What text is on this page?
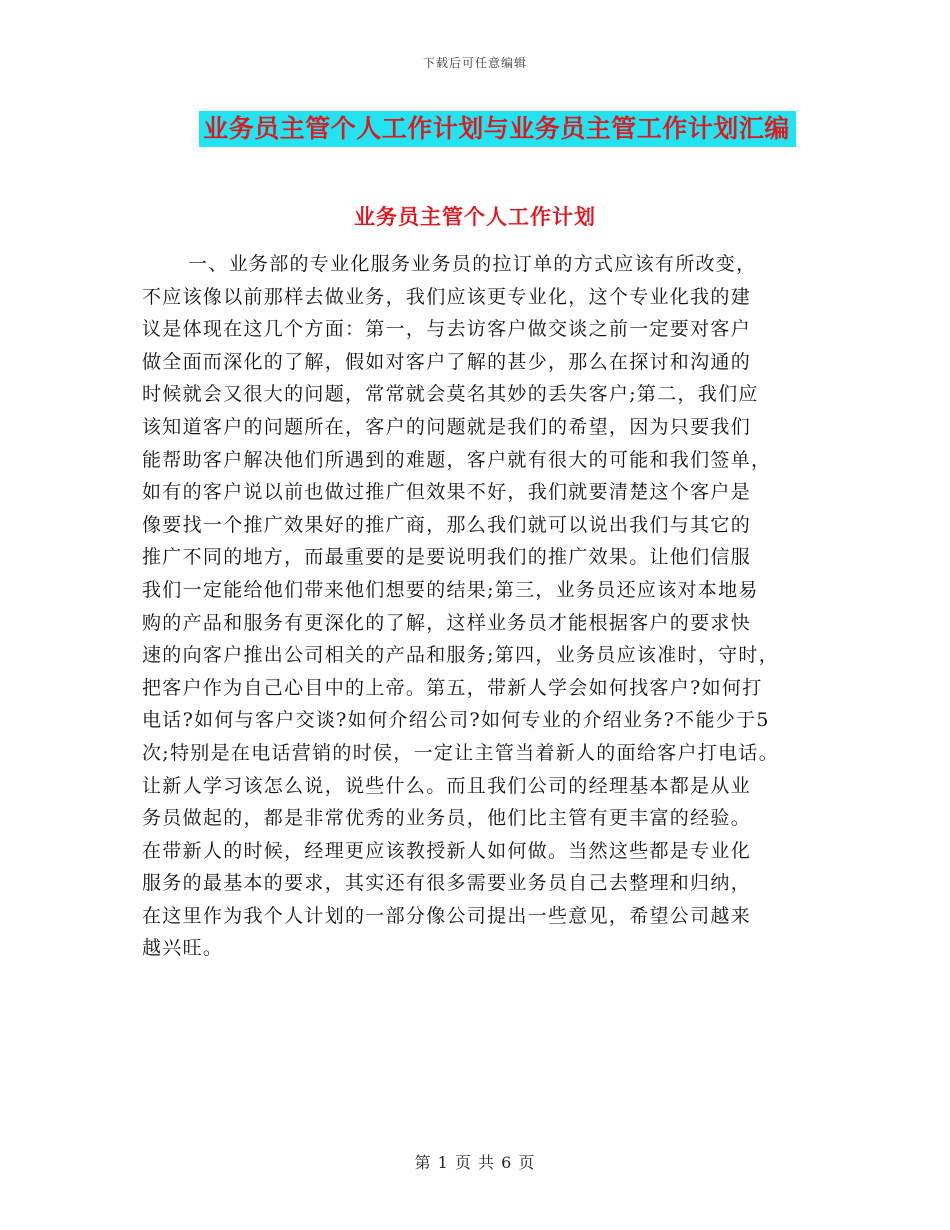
下载后可任意编辑
业务员主管个人工作计划与业务员主管工作计划汇编
业务员主管个人工作计划
一、业务部的专业化服务业务员的拉订单的方式应该有所改变，
不应该像以前那样去做业务，我们应该更专业化，这个专业化我的建
议是体现在这几个方面：第一，与去访客户做交谈之前一定要对客户
做全面而深化的了解，假如对客户了解的甚少，那么在探讨和沟通的
时候就会又很大的问题，常常就会莫名其妙的丢失客户;第二，我们应
该知道客户的问题所在，客户的问题就是我们的希望，因为只要我们
能帮助客户解决他们所遇到的难题，客户就有很大的可能和我们签单，
如有的客户说以前也做过推广但效果不好，我们就要清楚这个客户是
像要找一个推广效果好的推广商，那么我们就可以说出我们与其它的
推广不同的地方，而最重要的是要说明我们的推广效果。让他们信服
我们一定能给他们带来他们想要的结果;第三，业务员还应该对本地易
购的产品和服务有更深化的了解，这样业务员才能根据客户的要求快
速的向客户推出公司相关的产品和服务;第四，业务员应该准时，守时，
把客户作为自己心目中的上帝。第五，带新人学会如何找客户?如何打
电话?如何与客户交谈?如何介绍公司?如何专业的介绍业务?不能少于5
次;特别是在电话营销的时侯，一定让主管当着新人的面给客户打电话。
让新人学习该怎么说，说些什么。而且我们公司的经理基本都是从业
务员做起的，都是非常优秀的业务员，他们比主管有更丰富的经验。
在带新人的时候，经理更应该教授新人如何做。当然这些都是专业化
服务的最基本的要求，其实还有很多需要业务员自己去整理和归纳，
在这里作为我个人计划的一部分像公司提出一些意见，希望公司越来
越兴旺。
第 1 页 共 6 页
